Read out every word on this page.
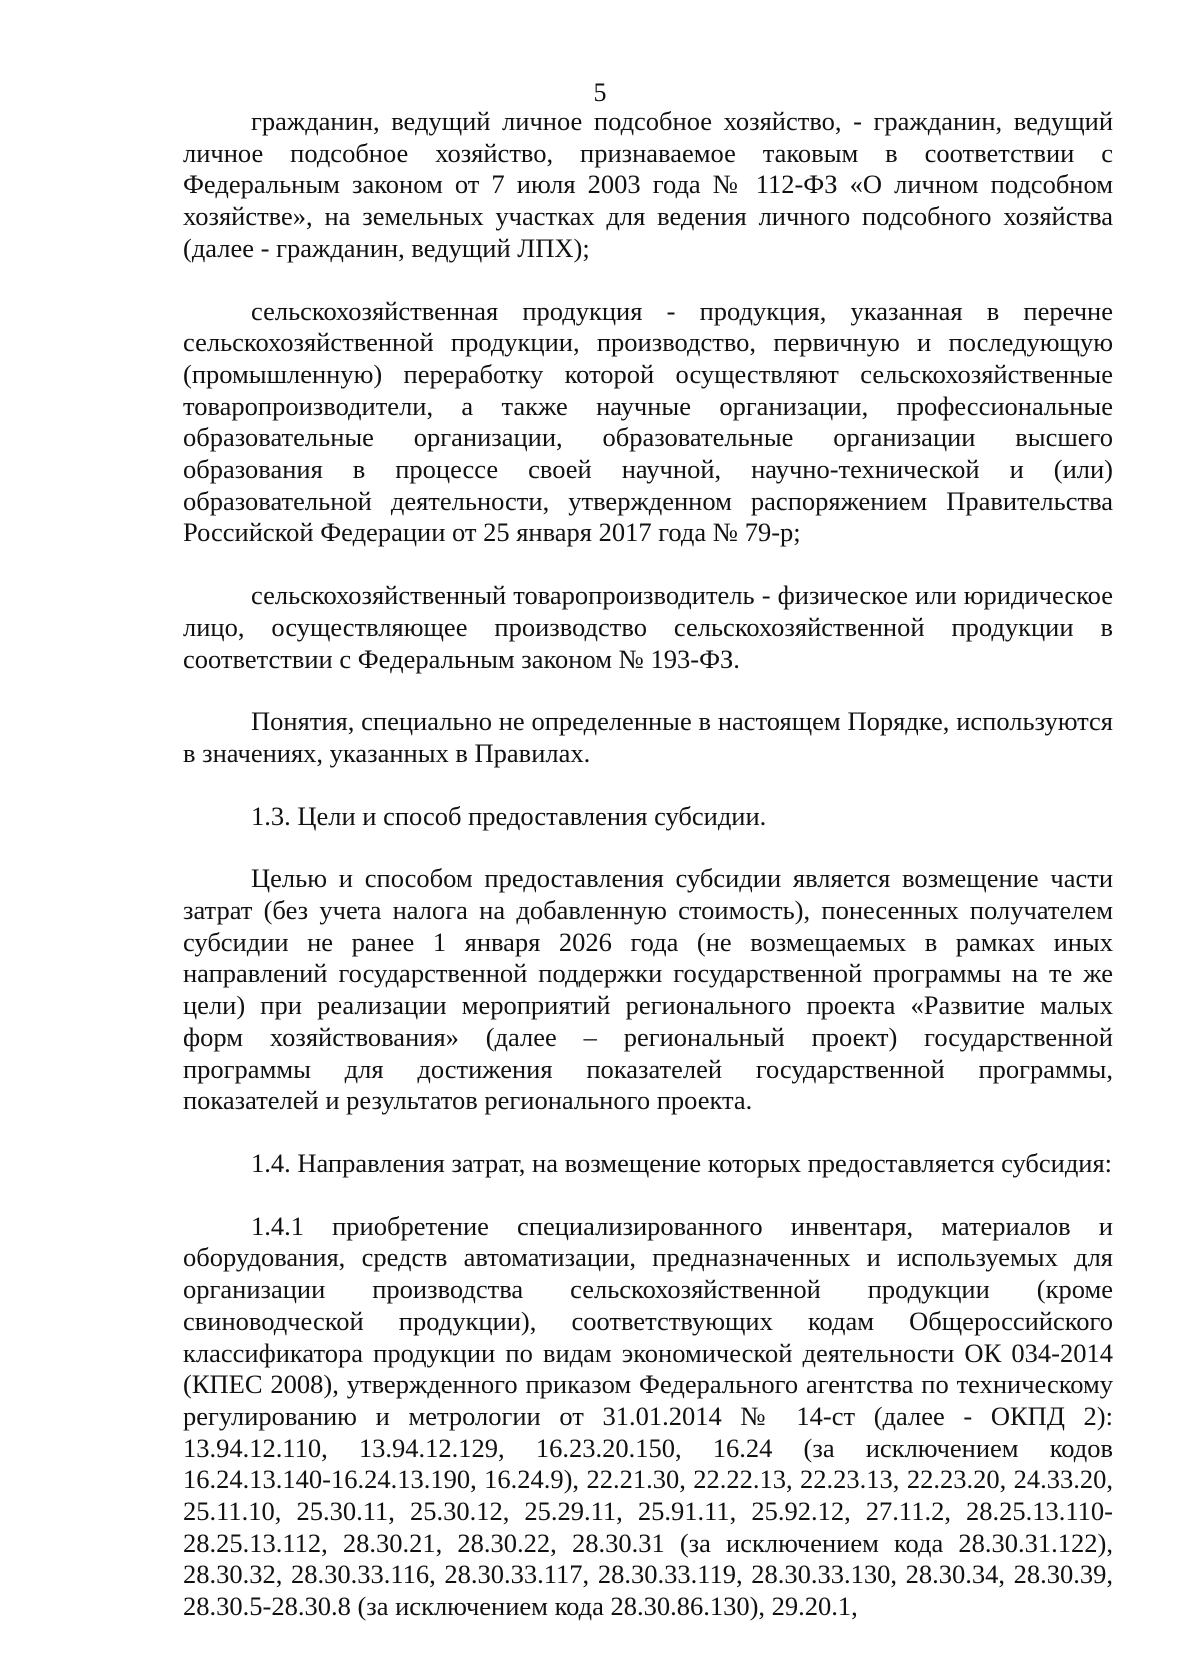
5

гражданин, ведущий личное подсобное хозяйство, - гражданин, ведущий личное подсобное хозяйство, признаваемое таковым в соответствии с Федеральным законом от 7 июля 2003 года № 112-ФЗ «О личном подсобном хозяйстве», на земельных участках для ведения личного подсобного хозяйства (далее - гражданин, ведущий ЛПХ);

сельскохозяйственная продукция - продукция, указанная в перечне сельскохозяйственной продукции, производство, первичную и последующую (промышленную) переработку которой осуществляют сельскохозяйственные товаропроизводители, а также научные организации, профессиональные образовательные организации, образовательные организации высшего образования в процессе своей научной, научно-технической и (или) образовательной деятельности, утвержденном распоряжением Правительства Российской Федерации от 25 января 2017 года № 79-р;

сельскохозяйственный товаропроизводитель - физическое или юридическое лицо, осуществляющее производство сельскохозяйственной продукции в соответствии с Федеральным законом № 193-ФЗ.

Понятия, специально не определенные в настоящем Порядке, используются в значениях, указанных в Правилах.

1.3. Цели и способ предоставления субсидии.

Целью и способом предоставления субсидии является возмещение части затрат (без учета налога на добавленную стоимость), понесенных получателем субсидии не ранее 1 января 2026 года (не возмещаемых в рамках иных направлений государственной поддержки государственной программы на те же цели) при реализации мероприятий регионального проекта «Развитие малых форм хозяйствования» (далее – региональный проект) государственной программы для достижения показателей государственной программы, показателей и результатов регионального проекта.

1.4. Направления затрат, на возмещение которых предоставляется субсидия:

1.4.1 приобретение специализированного инвентаря, материалов и оборудования, средств автоматизации, предназначенных и используемых для организации производства сельскохозяйственной продукции (кроме свиноводческой продукции), соответствующих кодам Общероссийского классификатора продукции по видам экономической деятельности ОК 034-2014 (КПЕС 2008), утвержденного приказом Федерального агентства по техническому регулированию и метрологии от 31.01.2014 № 14-ст (далее - ОКПД 2): 13.94.12.110, 13.94.12.129, 16.23.20.150, 16.24 (за исключением кодов 16.24.13.140-16.24.13.190, 16.24.9), 22.21.30, 22.22.13, 22.23.13, 22.23.20, 24.33.20, 25.11.10, 25.30.11, 25.30.12, 25.29.11, 25.91.11, 25.92.12, 27.11.2, 28.25.13.110-28.25.13.112, 28.30.21, 28.30.22, 28.30.31 (за исключением кода 28.30.31.122), 28.30.32, 28.30.33.116, 28.30.33.117, 28.30.33.119, 28.30.33.130, 28.30.34, 28.30.39, 28.30.5-28.30.8 (за исключением кода 28.30.86.130), 29.20.1,
